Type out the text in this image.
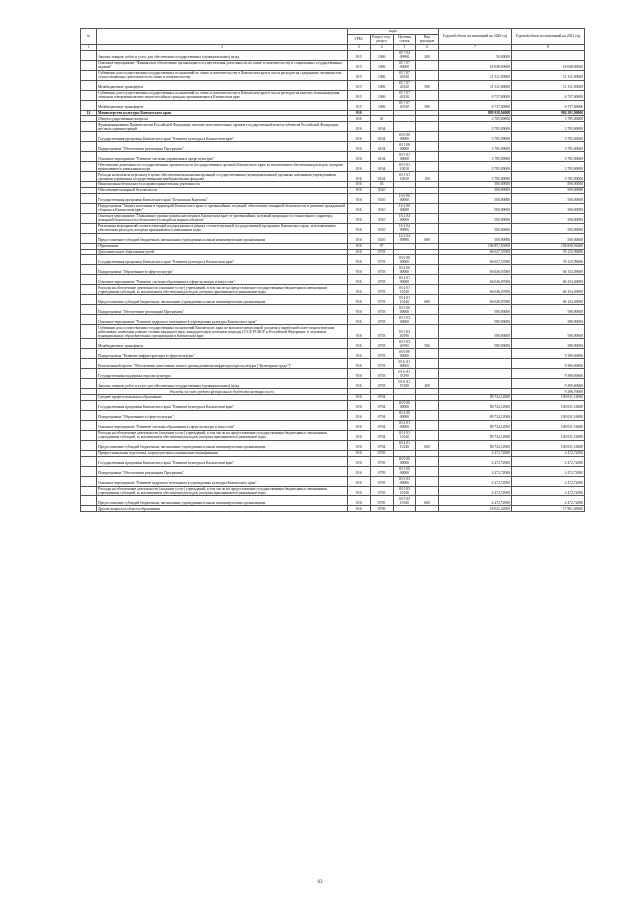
№		коды				Годовой объем ассигнований на 2020 год	Годовой объем ассигнований на 2021 год
		ГРБС	Раздел, под-раздел	Целевая статья	Вид расходов		
1	2	3	4	5	6	7	8
	Закупка товаров, работ и услуг для обеспечения государственных (муниципальных) нужд	815	1006	05 7 04 09990	200	50,00000	
	Основное мероприятие "Финансовое обеспечение организации и осуществления деятельности по опеке и попечительству и социальным государственным задачам"	815	1006	05 7 07 00000		18 048,00000	18 048,00000
	Субвенции для осуществления государственных полномочий по опеке и попечительству в Камчатском крае в части расходов на содержание специалистов, осуществляющих деятельность по опеке и попечительству	815	1006	05 7 07 40120		11 311,00000	11 311,00000
	Межбюджетные трансферты	815	1006	05 7 07 40120	500	11 311,00000	11 311,00000
	Субвенции для осуществления государственных полномочий по опеке и попечительству в Камчатском крае в части расходов на выплату вознаграждения опекунам совершеннолетних недееспособных граждан, проживающим в Камчатском крае	815	1006	05 7 07 40130		6 737,00000	6 737,00000
	Межбюджетные трансферты	815	1006	05 7 07 40130	500	6 737,00000	6 737,00000
14	Министерство культуры Камчатского края	816				889 918,94008	984 291,90000
	Общегосударственные вопросы	816	01			3 785,00000	3 785,00000
	Функционирование Правительства Российской Федерации, высших исполнительных органов государственной власти субъектов Российской Федерации, местных администраций	816	0104			3 785,00000	3 785,00000
	Государственная программа Камчатского края "Развитие культуры в Камчатском крае"	816	0104	03 0 00 00000		3 785,00000	3 785,00000
	Подпрограмма "Обеспечение реализации Программы"	816	0104	03 5 00 00000		3 785,00000	3 785,00000
	Основное мероприятие "Развитие системы управления в сфере культуры"	816	0104	03 5 01 00000		3 785,00000	3 785,00000
	Обеспечение деятельности государственных органов власти (государственных органов) Камчатского края, за исключением обеспечения расходов, которым присваиваются уникальные коды	816	0104	03 5 01 10010		3 785,00000	3 785,00000
	Расходы на выплаты персоналу в целях обеспечения выполнения функций государственными (муниципальными) органами, казенными учреждениями, органами управления государственными внебюджетными фондами	816	0104	03 5 01 10010	100	3 785,00000	3 785,00000
	Национальная безопасность и правоохранительная деятельность	816	03			500,00000	500,00000
	Обеспечение пожарной безопасности	816	0310			500,00000	500,00000
	Государственная программа Камчатского края "Безопасная Камчатка"	816	0310	16 0 00 00000		500,00000	500,00000
	Подпрограмма "Защита населения и территорий Камчатского края от чрезвычайных ситуаций, обеспечение пожарной безопасности и развитие гражданской обороны в Камчатском крае"	816	0310	16 2 00 00000		500,00000	500,00000
	Основное мероприятие "Повышение уровня защиты населения в Камчатском крае от чрезвычайных ситуаций природного и техногенного характера, пожарной безопасности и безопасности людей на водных объектах"	816	0310	16 2 04 00000		500,00000	500,00000
	Реализация мероприятий соответствующей подпрограммы в рамках соответствующей государственной программы Камчатского края, за исключением обеспечения расходов, которым присваиваются уникальные коды	816	0310	16 2 04 09990		500,00000	500,00000
	Предоставление субсидий бюджетным, автономным учреждениям и иным некоммерческим организациям	816	0310	16 2 04 09990	600	500,00000	500,00000
	Образование	816	07			186 857,63000	196 830,92600
	Дополнительное образование детей	816	0703			66 627,57000	76 125,99606
	Государственная программа Камчатского края "Развитие культуры в Камчатском крае"	816	0703	03 0 00 00000		66 627,57000	76 125,99606
	Подпрограмма "Образование в сфере культуры"	816	0703	03 4 00 00000		66 046,67000	66 154,49000
	Основное мероприятие "Развитие системы образования в сфере культуры и искусства"	816	0703	03 4 01 00000		66 046,67000	66 154,49000
	Расходы на обеспечение деятельности (оказание услуг) учреждений, в том числе на предоставление государственным бюджетным и автономным учреждениям субсидий, за исключением обеспечения расходов, которым присваиваются уникальные коды	816	0703	03 4 01 10140		66 046,67000	66 154,49000
	Предоставление субсидий бюджетным, автономным учреждениям и иным некоммерческим организациям	816	0703	03 4 01 10140	600	66 046,67000	66 154,49000
	Подпрограмма "Обеспечение реализации Программы"	816	0703	03 5 00 00000		580,90000	580,90000
	Основное мероприятие "Развитие кадрового потенциала в учреждениях культуры Камчатского края"	816	0703	03 5 03 00000		580,90000	580,90000
	Субвенции для осуществления государственных полномочий Камчатского края по выплате ежемесячной доплаты к заработной плате педагогическим работникам, имеющим ученую степень кандидата наук, кандидата наук, почетные награды СССР, РСФСР и Российской Федерации, в отдельных муниципальных образовательных организациях в Камчатском крае	816	0703	03 5 03 40190		580,90000	580,90000
	Межбюджетные трансферты	816	0703	03 5 03 40190	500	580,90000	580,90000
	Подпрограмма "Развитие инфраструктуры в сфере культуры"	816	0703	03 6 00 00000			9 390,60606
	Региональный проект "Обеспечение качественно нового уровня развития инфраструктуры культуры ("Культурная среда")"	816	0703	03 6 A1 00000			9 390,60606
	Государственная поддержка отрасли культуры	816	0703	03 6 A1 55190			9 390,60606
	Закупка товаров, работ и услуг для обеспечения государственных (муниципальных) нужд	816	0703	03 6 A1 55190	200		9 390,60606
	Расходы за счет средств федерального бюджета входящих всего						9 296,70000
	Среднее профессиональное образование	816	0704			89 732,12000	100 031,16000
	Государственная программа Камчатского края "Развитие культуры в Камчатском крае"	816	0704	03 0 00 00000		89 732,12000	100 031,16000
	Подпрограмма "Образование в сфере культуры"	816	0704	03 4 00 00000		89 732,12000	100 031,16000
	Основное мероприятие "Развитие системы образования в сфере культуры и искусства"	816	0704	03 4 01 00000		89 732,12000	100 031,16000
	Расходы на обеспечение деятельности (оказание услуг) учреждений, в том числе на предоставление государственным бюджетным и автономным учреждениям субсидий, за исключением обеспечения расходов, которым присваиваются уникальные коды	816	0704	03 4 01 10140		89 732,12000	100 031,16000
	Предоставление субсидий бюджетным, автономным учреждениям и иным некоммерческим организациям	816	0704	03 4 01 10140	600	89 732,12000	100 031,16000
	Профессиональная подготовка, переподготовка и повышение квалификации	816	0705			2 472,72000	2 472,72000
	Государственная программа Камчатского края "Развитие культуры в Камчатском крае"	816	0705	03 0 00 00000		2 472,72000	2 472,72000
	Подпрограмма "Обеспечение реализации Программы"	816	0705	03 5 00 00000		2 472,72000	2 472,72000
	Основное мероприятие "Развитие кадрового потенциала в учреждениях культуры Камчатского края"	816	0705	03 5 03 00000		2 472,72000	2 472,72000
	Расходы на обеспечение деятельности (оказание услуг) учреждений, в том числе на предоставление государственным бюджетным и автономным учреждениям субсидий, за исключением обеспечения расходов, которым присваиваются уникальные коды	816	0705	03 5 03 10140		2 472,72000	2 472,72000
	Предоставление субсидий бюджетным, автономным учреждениям и иным некоммерческим организациям	816	0705	03 5 03 10140	600	2 472,72000	2 472,72000
	Другие вопросы в области образования	816	0709			18 025,22000	17 901,05000
63
